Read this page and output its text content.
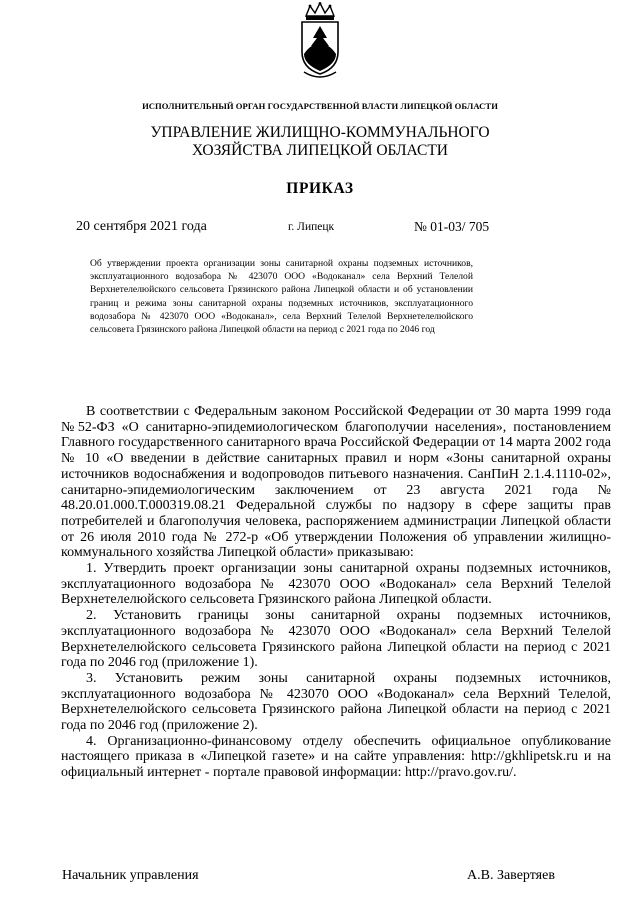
ИСПОЛНИТЕЛЬНЫЙ ОРГАН ГОСУДАРСТВЕННОЙ ВЛАСТИ ЛИПЕЦКОЙ ОБЛАСТИ
УПРАВЛЕНИЕ ЖИЛИЩНО-КОММУНАЛЬНОГО ХОЗЯЙСТВА ЛИПЕЦКОЙ ОБЛАСТИ
ПРИКАЗ
20 сентября 2021 года	г. Липецк	№ 01-03/ 705
Об утверждении проекта организации зоны санитарной охраны подземных источников, эксплуатационного водозабора № 423070 ООО «Водоканал» села Верхний Телелой Верхнетелелюйского сельсовета Грязинского района Липецкой области и об установлении границ и режима зоны санитарной охраны подземных источников, эксплуатационного водозабора № 423070 ООО «Водоканал», села Верхний Телелой Верхнетелелюйского сельсовета Грязинского района Липецкой области на период с 2021 года по 2046 год

В соответствии с Федеральным законом Российской Федерации от 30 марта 1999 года №52-ФЗ «О санитарно-эпидемиологическом благополучии населения», постановлением Главного государственного санитарного врача Российской Федерации от 14 марта 2002 года № 10 «О введении в действие санитарных правил и норм «Зоны санитарной охраны источников водоснабжения и водопроводов питьевого назначения. СанПиН 2.1.4.1110-02», санитарно-эпидемиологическим заключением от 23 августа 2021 года № 48.20.01.000.Т.000319.08.21 Федеральной службы по надзору в сфере защиты прав потребителей и благополучия человека, распоряжением администрации Липецкой области от 26 июля 2010 года № 272-р «Об утверждении Положения об управлении жилищно-коммунального хозяйства Липецкой области» приказываю:

1. Утвердить проект организации зоны санитарной охраны подземных источников, эксплуатационного водозабора № 423070 ООО «Водоканал» села Верхний Телелой Верхнетелелюйского сельсовета Грязинского района Липецкой области.

2. Установить границы зоны санитарной охраны подземных источников, эксплуатационного водозабора № 423070 ООО «Водоканал» села Верхний Телелой Верхнетелелюйского сельсовета Грязинского района Липецкой области на период с 2021 года по 2046 год (приложение 1).

3. Установить режим зоны санитарной охраны подземных источников, эксплуатационного водозабора № 423070 ООО «Водоканал» села Верхний Телелой, Верхнетелелюйского сельсовета Грязинского района Липецкой области на период с 2021 года по 2046 год (приложение 2).

4. Организационно-финансовому отделу обеспечить официальное опубликование настоящего приказа в «Липецкой газете» и на сайте управления: http://gkhlipetsk.ru и на официальный интернет - портале правовой информации: http://pravo.gov.ru/.

Начальник управления	А.В. Завертяев
